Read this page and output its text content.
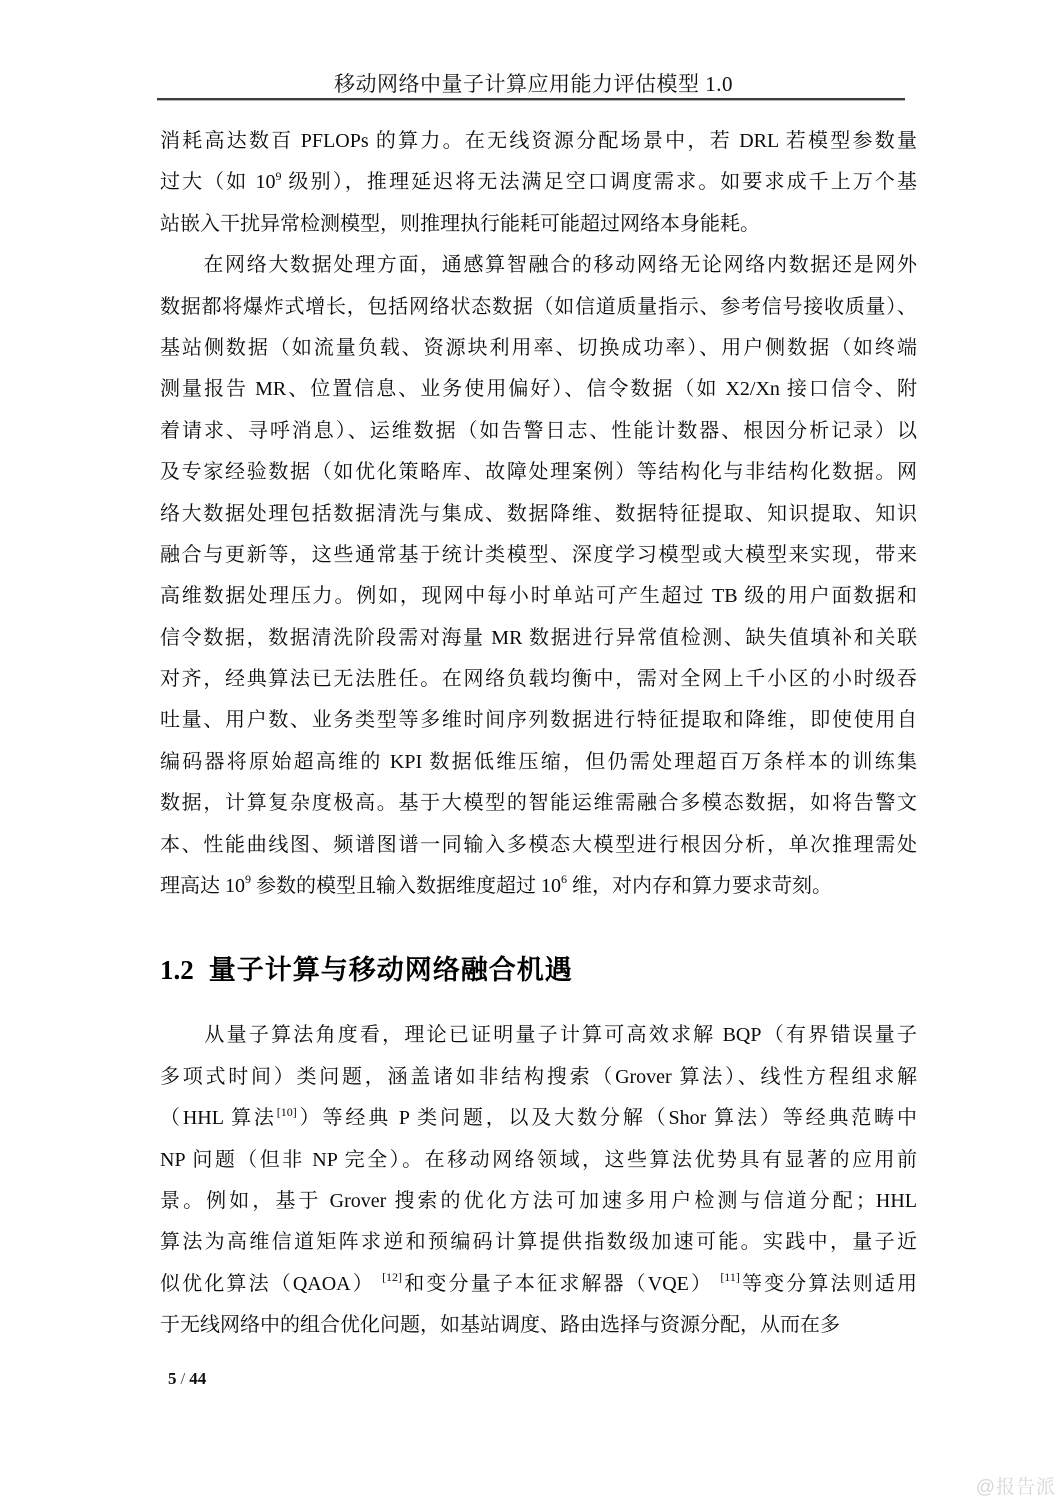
移动网络中量子计算应用能力评估模型 1.0
消耗高达数百 PFLOPs 的算力。在无线资源分配场景中，若 DRL 若模型参数量
过大（如 $10^9$ 级别），推理延迟将无法满足空口调度需求。如要求成千上万个基
站嵌入干扰异常检测模型，则推理执行能耗可能超过网络本身能耗。
　　在网络大数据处理方面，通感算智融合的移动网络无论网络内数据还是网外
数据都将爆炸式增长，包括网络状态数据（如信道质量指示、参考信号接收质量）、
基站侧数据（如流量负载、资源块利用率、切换成功率）、用户侧数据（如终端
测量报告 MR、位置信息、业务使用偏好）、信令数据（如 X2/Xn 接口信令、附
着请求、寻呼消息）、运维数据（如告警日志、性能计数器、根因分析记录）以
及专家经验数据（如优化策略库、故障处理案例）等结构化与非结构化数据。网
络大数据处理包括数据清洗与集成、数据降维、数据特征提取、知识提取、知识
融合与更新等，这些通常基于统计类模型、深度学习模型或大模型来实现，带来
高维数据处理压力。例如，现网中每小时单站可产生超过 TB 级的用户面数据和
信令数据，数据清洗阶段需对海量 MR 数据进行异常值检测、缺失值填补和关联
对齐，经典算法已无法胜任。在网络负载均衡中，需对全网上千小区的小时级吞
吐量、用户数、业务类型等多维时间序列数据进行特征提取和降维，即使使用自
编码器将原始超高维的 KPI 数据低维压缩，但仍需处理超百万条样本的训练集
数据，计算复杂度极高。基于大模型的智能运维需融合多模态数据，如将告警文
本、性能曲线图、频谱图谱一同输入多模态大模型进行根因分析，单次推理需处
理高达 $10^9$ 参数的模型且输入数据维度超过 $10^6$ 维，对内存和算力要求苛刻。
1.2 量子计算与移动网络融合机遇
　　从量子算法角度看，理论已证明量子计算可高效求解 BQP（有界错误量子
多项式时间）类问题，涵盖诸如非结构搜索（Grover 算法）、线性方程组求解
（HHL 算法[10]）等经典 P 类问题，以及大数分解（Shor 算法）等经典范畴中
NP 问题（但非 NP 完全）。在移动网络领域，这些算法优势具有显著的应用前
景。例如，基于 Grover 搜索的优化方法可加速多用户检测与信道分配；HHL
算法为高维信道矩阵求逆和预编码计算提供指数级加速可能。实践中，量子近
似优化算法（QAOA） [12]和变分量子本征求解器（VQE） [11]等变分算法则适用
于无线网络中的组合优化问题，如基站调度、路由选择与资源分配，从而在多
5 / 44
@报告派
